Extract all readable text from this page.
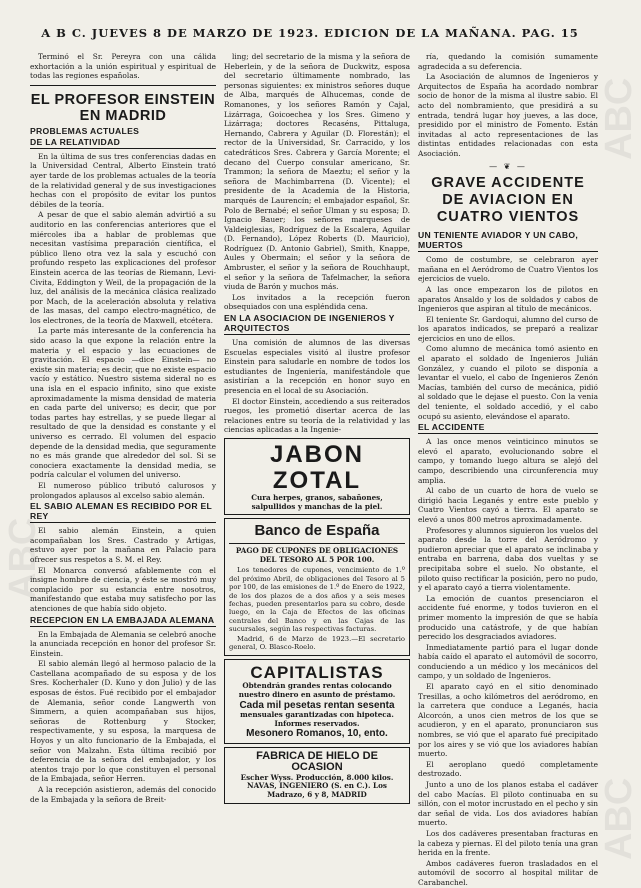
A B C. JUEVES 8 DE MARZO DE 1923. EDICION DE LA MAÑANA. PAG. 15

Terminó el Sr. Pereyra con una cálida exhortación a la unión espiritual y espiritual de todas las regiones españolas.

EL PROFESOR EINSTEIN EN MADRID
PROBLEMAS ACTUALES
DE LA RELATIVIDAD

En la última de sus tres conferencias dadas en la Universidad Central, Alberto Einstein trató ayer tarde de los problemas actuales de la teoría de la relatividad general y de sus investigaciones hechas con el propósito de evitar los puntos débiles de la teoría.

A pesar de que el sabio alemán advirtió a su auditorio en las conferencias anteriores que el miércoles iba a hablar de problemas que necesitan vastísima preparación científica, el público lleno otra vez la sala y escuchó con profundo respeto las explicaciones del profesor Einstein acerca de las teorías de Riemann, Levi-Civita, Eddington y Weil, de la propagación de la luz, del análisis de la mecánica clásica realizado por Mach, de la aceleración absoluta y relativa de las masas, del campo electro-magnético, de los electrones, de la teoría de Maxwell, etcétera.

La parte más interesante de la conferencia ha sido acaso la que expone la relación entre la materia y el espacio y las ecuaciones de gravitación. El espacio —dice Einstein— no existe sin materia; es decir, que no existe espacio vacío y estático. Nuestro sistema sideral no es una isla en el espacio infinito, sino que existe aproximadamente la misma densidad de materia en cada parte del universo; es decir, que por todas partes hay estrellas, y se puede llegar al resultado de que la densidad es constante y el universo es cerrado. El volumen del espacio depende de la densidad media, que seguramente no es más grande que alrededor del sol. Si se conociera exactamente la densidad media, se podría calcular el volumen del universo.

El numeroso público tributó calurosos y prolongados aplausos al excelso sabio alemán.

EL SABIO ALEMAN ES RECIBIDO POR EL REY

El sabio alemán Einstein, a quien acompañaban los Sres. Castrado y Artigas, estuvo ayer por la mañana en Palacio para ofrecer sus respetos a S. M. el Rey.

El Monarca conversó afablemente con el insigne hombre de ciencia, y éste se mostró muy complacido por su estancia entre nosotros, manifestando que estaba muy satisfecho por las atenciones de que había sido objeto.

RECEPCION EN LA EMBAJADA ALEMANA

En la Embajada de Alemania se celebró anoche la anunciada recepción en honor del profesor Sr. Einstein.

El sabio alemán llegó al hermoso palacio de la Castellana acompañado de su esposa y de los Sres. Kocherhaler (D. Kuno y don Julio) y de las esposas de éstos. Fué recibido por el embajador de Alemania, señor conde Langwerth von Simmern, a quien acompañaban sus hijos, señoras de Rottenburg y Stocker, respectivamente, y su esposa, la marquesa de Hoyos y un alto funcionario de la Embajada, el señor von Malzahn. Esta última recibió por deferencia de la señora del embajador, y los atentos trajo por lo que constituyen el personal de la Embajada, señor Herren.

A la recepción asistieron, además del conocido de la Embajada y la señora de Breit-

ling; del secretario de la misma y la señora de Heberlein, y de la señora de Duckwitz, esposa del secretario últimamente nombrado, las personas siguientes: ex ministros señores duque de Alba, marqués de Alhucemas, conde de Romanones, y los señores Ramón y Cajal, Lizárraga, Goicoechea y los Sres. Gimeno y Lizárraga; doctores Recaséns, Pittaluga, Hernando, Cabrera y Aguilar (D. Florestán); el rector de la Universidad, Sr. Carracido, y los catedráticos Sres. Cabrera y García Morente; el decano del Cuerpo consular americano, Sr. Trammon; la señora de Maeztu; el señor y la señora de Machimbarrena (D. Vicente); el presidente de la Academia de la Historia, marqués de Laurencín; el embajador español, Sr. Polo de Bernabé; el señor Ulman y su esposa; D. Ignacio Bauer; los señores marqueses de Valdeiglesias, Rodríguez de la Escalera, Aguilar (D. Fernando), López Roberts (D. Mauricio), Rodríguez (D. Antonio Gabriel), Smith, Knappe, Aules y Obermain; el señor y la señora de Ambruster, el señor y la señora de Rouchhaupt, el señor y la señora de Tafelmacher, la señora viuda de Barón y muchos más.

Los invitados a la recepción fueron obsequiados con una espléndida cena.

EN LA ASOCIACION DE INGENIEROS Y ARQUITECTOS

Una comisión de alumnos de las diversas Escuelas especiales visitó al ilustre profesor Einstein para saludarle en nombre de todos los estudiantes de Ingeniería, manifestándole que asistirían a la recepción en honor suyo en presencia en el local de su Asociación.

El doctor Einstein, accediendo a sus reiterados ruegos, les prometió disertar acerca de las relaciones entre su teoría de la relatividad y las ciencias aplicadas a la Ingenie-

JABON ZOTAL
Cura herpes, granos, sabañones, salpullidos y manchas de la piel.
Banco de España
PAGO DE CUPONES DE OBLIGACIONES DEL TESORO AL 5 POR 100.

Los tenedores de cupones, vencimiento de 1.º del próximo Abril, de obligaciones del Tesoro al 5 por 100, de las emisiones de 1.º de Enero de 1922, de los dos plazos de a dos años y a seis meses fechas, pueden presentarlos para su cobro, desde luego, en la Caja de Efectos de las oficinas centrales del Banco y en las Cajas de las sucursales, según las respectivas facturas.

Madrid, 6 de Marzo de 1923.—El secretario general, O. Blasco-Roelo.

CAPITALISTAS
Obtendrán grandes rentas colocando nuestro dinero en asunto de préstamo.
Cada mil pesetas rentan sesenta
mensuales garantizadas con hipoteca. Informes reservados.
Mesonero Romanos, 10, ento.
FABRICA DE HIELO DE OCASION
Escher Wyss. Producción, 8.000 kilos. NAVAS, INGENIERO (S. en C.). Los Madrazo, 6 y 8, MADRID

ría, quedando la comisión sumamente agradecida a su deferencia.

La Asociación de alumnos de Ingenieros y Arquitectos de España ha acordado nombrar socio de honor de la misma al ilustre sabio. El acto del nombramiento, que presidirá a su entrada, tendrá lugar hoy jueves, a las doce, presidido por el ministro de Fomento. Están invitadas al acto representaciones de las distintas entidades relacionadas con esta Asociación.

— ❦ —
GRAVE ACCIDENTE DE AVIACION EN CUATRO VIENTOS
UN TENIENTE AVIADOR Y UN CABO, MUERTOS

Como de costumbre, se celebraron ayer mañana en el Aeródromo de Cuatro Vientos los ejercicios de vuelo.

A las once empezaron los de pilotos en aparatos Ansaldo y los de soldados y cabos de Ingenieros que aspiran al título de mecánicos.

El teniente Sr. Gardoqui, alumno del curso de los aparatos indicados, se preparó a realizar ejercicios en uno de ellos.

Como alumno de mecánica tomó asiento en el aparato el soldado de Ingenieros Julián González, y cuando el piloto se disponía a levantar el vuelo, el cabo de Ingenieros Zenón Macías, también del curso de mecánica, pidió al soldado que le dejase el puesto. Con la venia del teniente, el soldado accedió, y el cabo ocupó su asiento, elevándose el aparato.

EL ACCIDENTE

A las once menos veinticinco minutos se elevó el aparato, evolucionando sobre el campo, y tomando luego altura se alejó del campo, describiendo una circunferencia muy amplia.

Al cabo de un cuarto de hora de vuelo se dirigió hacia Leganés y entre este pueblo y Cuatro Vientos cayó a tierra. El aparato se elevó a unos 800 metros aproximadamente.

Profesores y alumnos siguieron los vuelos del aparato desde la torre del Aeródromo y pudieron apreciar que el aparato se inclinaba y entraba en barrena, daba dos vueltas y se precipitaba sobre el suelo. No obstante, el piloto quiso rectificar la posición, pero no pudo, y el aparato cayó a tierra violentamente.

La emoción de cuantos presenciaron el accidente fué enorme, y todos tuvieron en el primer momento la impresión de que se había producido una catástrofe, y de que habían perecido los desgraciados aviadores.

Inmediatamente partió para el lugar donde había caído el aparato el automóvil de socorro, conduciendo a un médico y los mecánicos del campo, y un soldado de Ingenieros.

El aparato cayó en el sitio denominado Tresillas, a ocho kilómetros del aeródromo, en la carretera que conduce a Leganés, hacia Alcorcón, a unos cien metros de los que se acudieron, y en el aparato, pronunciaron sus nombres, se vió que el aparato fué precipitado por los aires y se vió que los aviadores habían muerto.

El aeroplano quedó completamente destrozado.

Junto a uno de los planos estaba el cadáver del cabo Macías. El piloto continuaba en su sillón, con el motor incrustado en el pecho y sin dar señal de vida. Los dos aviadores habían muerto.

Los dos cadáveres presentaban fracturas en la cabeza y piernas. El del piloto tenía una gran herida en la frente.

Ambos cadáveres fueron trasladados en el automóvil de socorro al hospital militar de Carabanchel.

ABC
ABC
ABC
